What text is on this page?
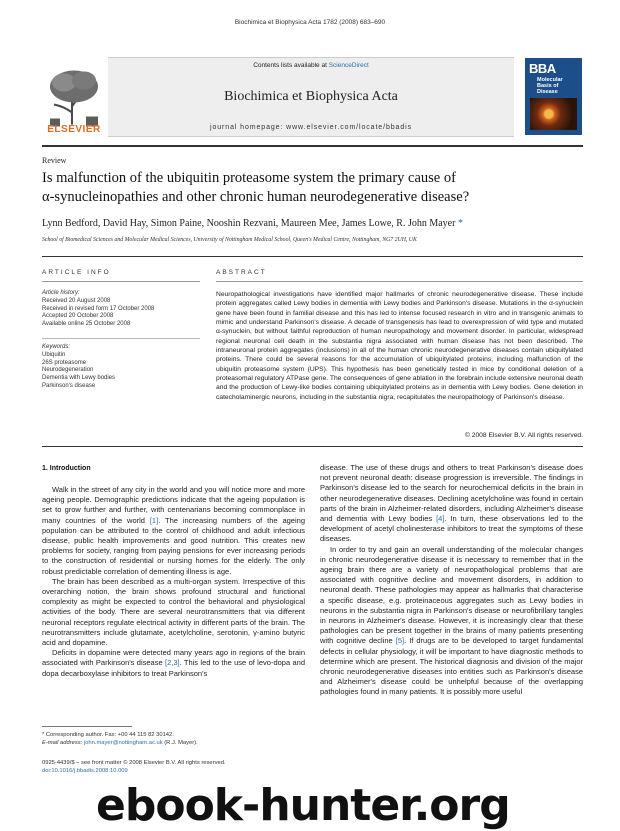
Biochimica et Biophysica Acta 1782 (2008) 683–690
Contents lists available at ScienceDirect
Biochimica et Biophysica Acta
journal homepage: www.elsevier.com/locate/bbadis
ELSEVIER
BBA
Molecular
Basis of
Disease
Review
Is malfunction of the ubiquitin proteasome system the primary cause of
α-synucleinopathies and other chronic human neurodegenerative disease?
Lynn Bedford, David Hay, Simon Paine, Nooshin Rezvani, Maureen Mee, James Lowe, R. John Mayer *
School of Biomedical Sciences and Molecular Medical Sciences, University of Nottingham Medical School, Queen's Medical Centre, Nottingham, NG7 2UH, UK
ARTICLE INFO	ABSTRACT
Article history:
Received 20 August 2008
Received in revised form 17 October 2008
Accepted 20 October 2008
Available online 25 October 2008
Keywords:
Ubiquitin
26S proteasome
Neurodegeneration
Dementia with Lewy bodies
Parkinson's disease
Neuropathological investigations have identified major hallmarks of chronic neurodegenerative disease. These include protein aggregates called Lewy bodies in dementia with Lewy bodies and Parkinson's disease. Mutations in the α-synuclein gene have been found in familial disease and this has led to intense focused research in vitro and in transgenic animals to mimic and understand Parkinson's disease. A decade of transgenesis has lead to overexpression of wild type and mutated α-synuclein, but without faithful reproduction of human neuropathology and movement disorder. In particular, widespread regional neuronal cell death in the substantia nigra associated with human disease has not been described. The intraneuronal protein aggregates (inclusions) in all of the human chronic neurodegenerative diseases contain ubiquitylated proteins. There could be several reasons for the accumulation of ubiquitylated proteins, including malfunction of the ubiquitin proteasome system (UPS). This hypothesis has been genetically tested in mice by conditional deletion of a proteasomal regulatory ATPase gene. The consequences of gene ablation in the forebrain include extensive neuronal death and the production of Lewy-like bodies containing ubiquitylated proteins as in dementia with Lewy bodies. Gene deletion in catecholaminergic neurons, including in the substantia nigra, recapitulates the neuropathology of Parkinson's disease.
© 2008 Elsevier B.V. All rights reserved.
1. Introduction

Walk in the street of any city in the world and you will notice more and more ageing people. Demographic predictions indicate that the ageing population is set to grow further and further, with centenarians becoming commonplace in many countries of the world [1]. The increasing numbers of the ageing population can be attributed to the control of childhood and adult infectious disease, public health improvements and good nutrition. This creates new problems for society, ranging from paying pensions for ever increasing periods to the construction of residential or nursing homes for the elderly. The only robust predictable correlation of dementing illness is age.

The brain has been described as a multi-organ system. Irrespective of this overarching notion, the brain shows profound structural and functional complexity as might be expected to control the behavioral and physiological activities of the body. There are several neurotransmitters that via different neuronal receptors regulate electrical activity in different parts of the brain. The neurotransmitters include glutamate, acetylcholine, serotonin, γ-amino butyric acid and dopamine.

Deficits in dopamine were detected many years ago in regions of the brain associated with Parkinson's disease [2,3]. This led to the use of levo-dopa and dopa decarboxylase inhibitors to treat Parkinson's

disease. The use of these drugs and others to treat Parkinson's disease does not prevent neuronal death: disease progression is irreversible. The findings in Parkinson's disease led to the search for neurochemical deficits in the brain in other neurodegenerative diseases. Declining acetylcholine was found in certain parts of the brain in Alzheimer-related disorders, including Alzheimer's disease and dementia with Lewy bodies [4]. In turn, these observations led to the development of acetyl cholinesterase inhibitors to treat the symptoms of these diseases.

In order to try and gain an overall understanding of the molecular changes in chronic neurodegenerative disease it is necessary to remember that in the ageing brain there are a variety of neuropathological problems that are associated with cognitive decline and movement disorders, in addition to neuronal death. These pathologies may appear as hallmarks that characterise a specific disease, e.g. proteinaceous aggregates such as Lewy bodies in neurons in the substantia nigra in Parkinson's disease or neurofibrillary tangles in neurons in Alzheimer's disease. However, it is increasingly clear that these pathologies can be present together in the brains of many patients presenting with cognitive decline [5]. If drugs are to be developed to target fundamental defects in cellular physiology, it will be important to have diagnostic methods to determine which are present. The historical diagnosis and division of the major chronic neurodegenerative diseases into entities such as Parkinson's disease and Alzheimer's disease could be unhelpful because of the overlapping pathologies found in many patients. It is possibly more useful

* Corresponding author. Fax: +00 44 115 82 30142.
E-mail address: john.mayer@nottingham.ac.uk (R.J. Mayer).
0925-4439/$ – see front matter © 2008 Elsevier B.V. All rights reserved.
doi:10.1016/j.bbadis.2008.10.009
ebook-hunter.org
